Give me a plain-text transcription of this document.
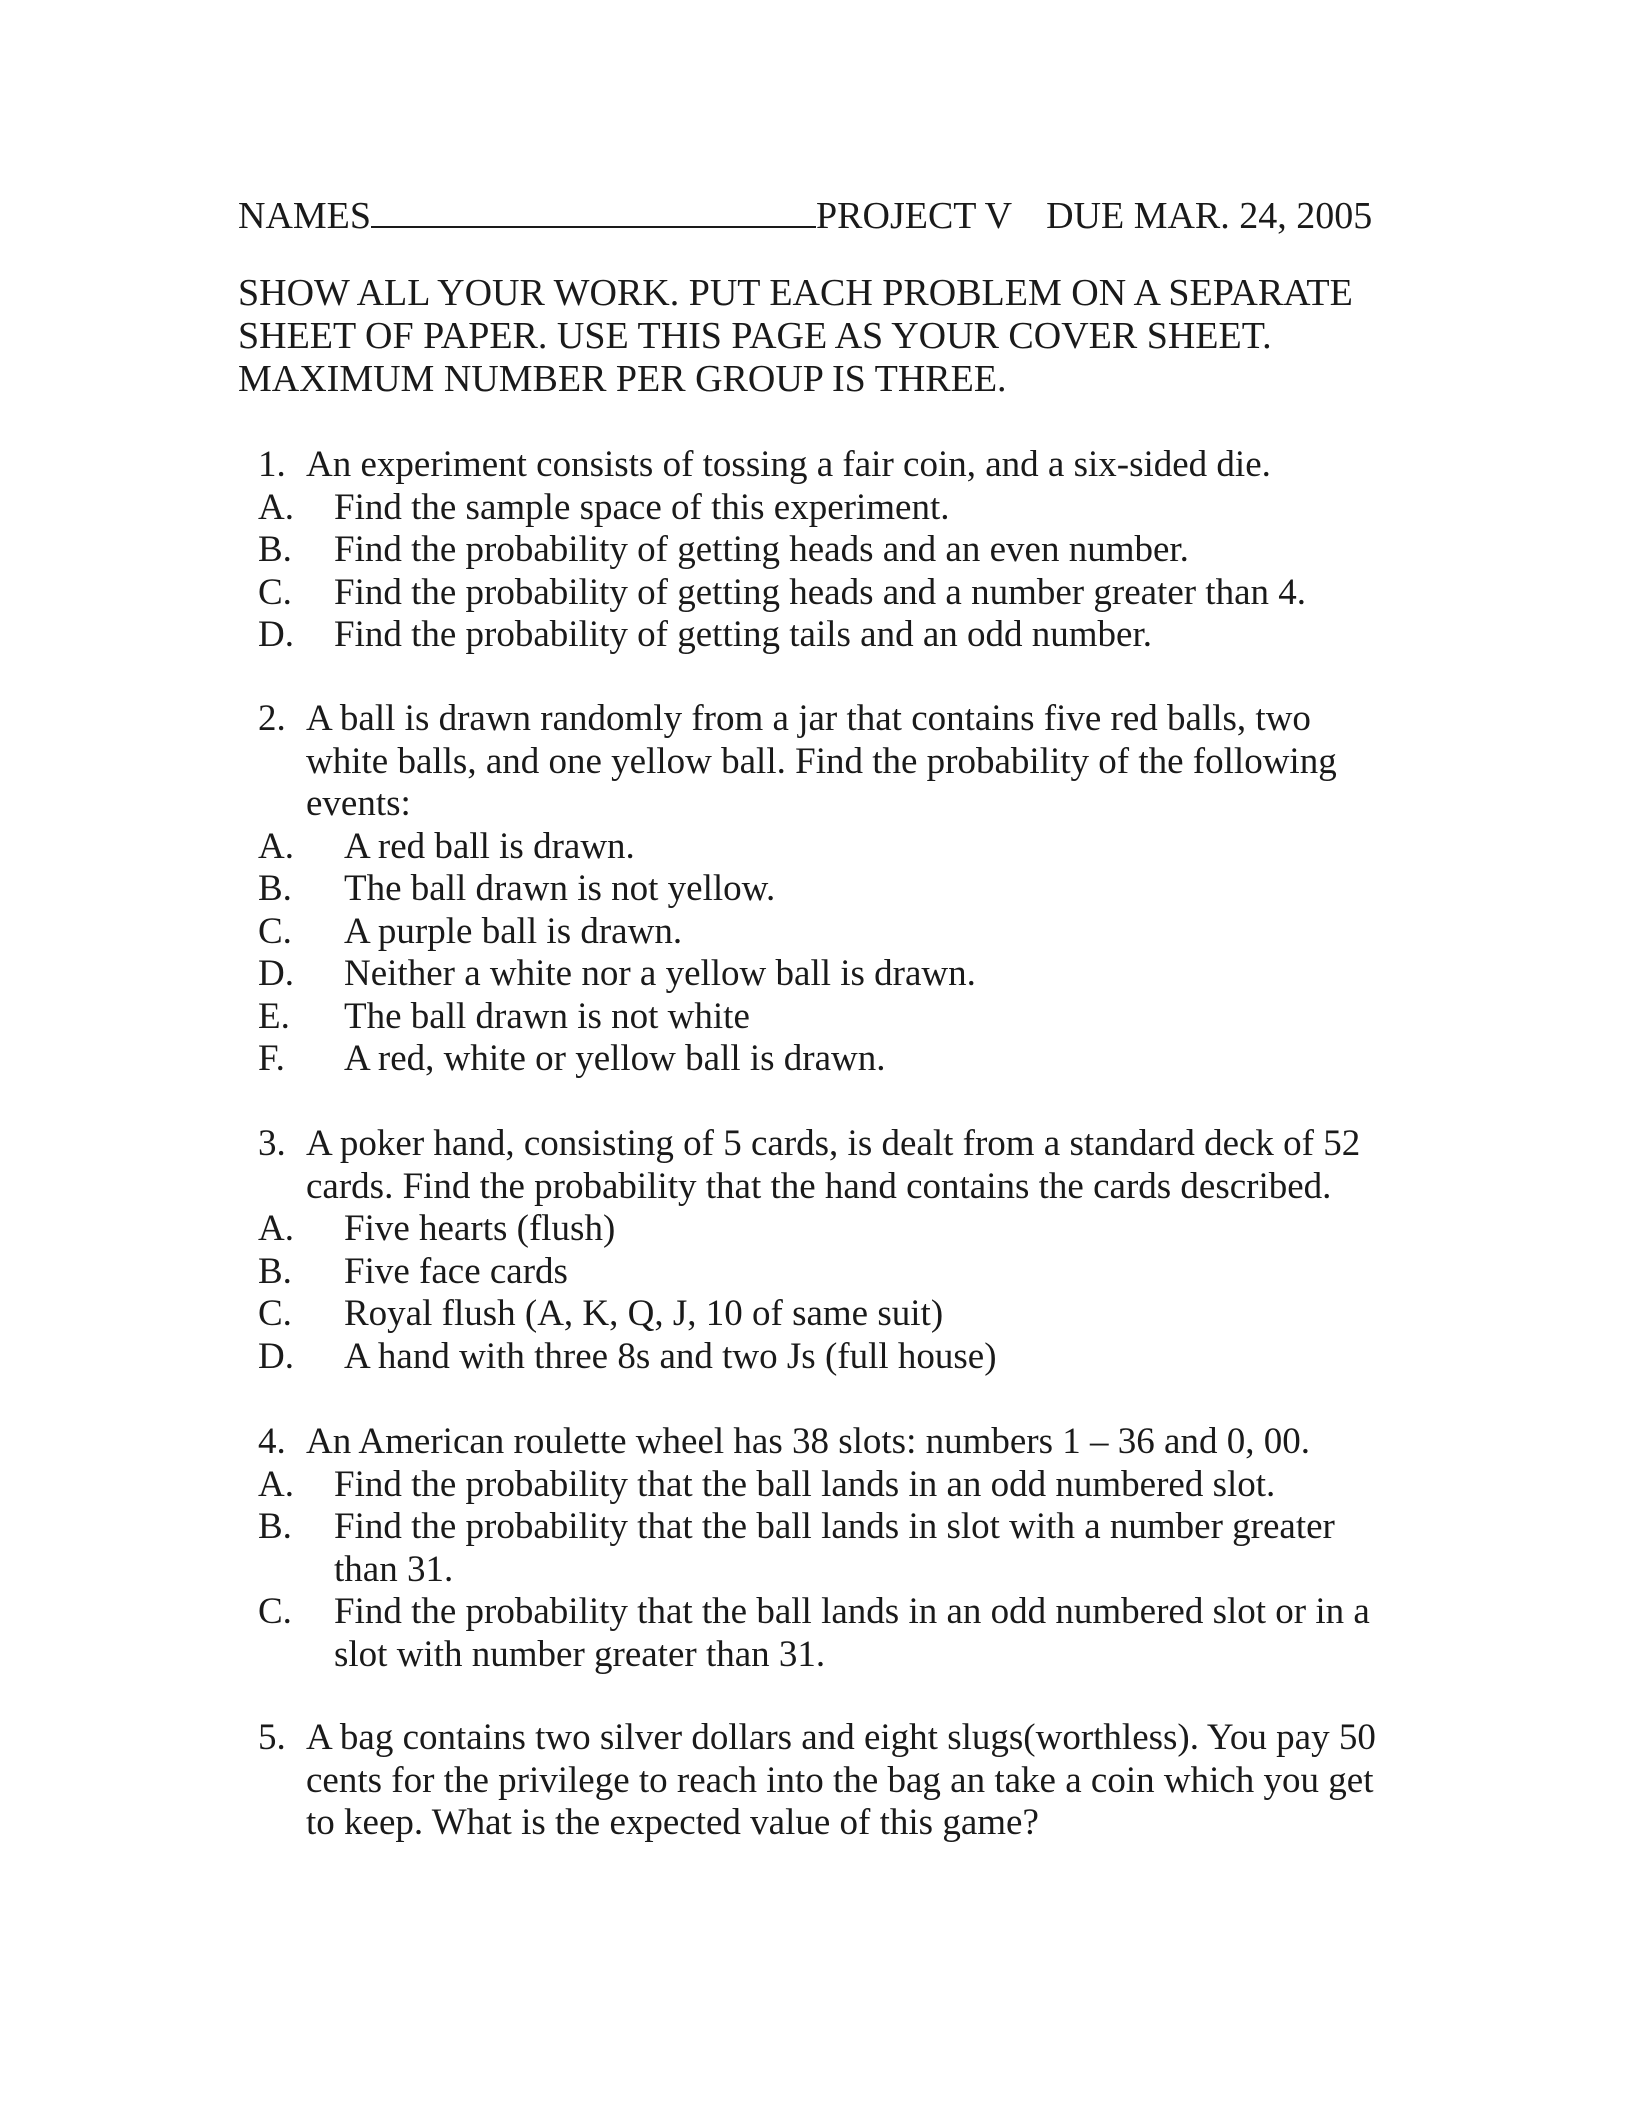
NAMES	PROJECT V DUE MAR. 24, 2005
SHOW ALL YOUR WORK. PUT EACH PROBLEM ON A SEPARATE
SHEET OF PAPER. USE THIS PAGE AS YOUR COVER SHEET.
MAXIMUM NUMBER PER GROUP IS THREE.
1. An experiment consists of tossing a fair coin, and a six-sided die.
A. Find the sample space of this experiment.
B. Find the probability of getting heads and an even number.
C. Find the probability of getting heads and a number greater than 4.
D. Find the probability of getting tails and an odd number.
2. A ball is drawn randomly from a jar that contains five red balls, two white balls, and one yellow ball. Find the probability of the following events:
A. A red ball is drawn.
B. The ball drawn is not yellow.
C. A purple ball is drawn.
D. Neither a white nor a yellow ball is drawn.
E. The ball drawn is not white
F. A red, white or yellow ball is drawn.
3. A poker hand, consisting of 5 cards, is dealt from a standard deck of 52 cards. Find the probability that the hand contains the cards described.
A. Five hearts (flush)
B. Five face cards
C. Royal flush (A, K, Q, J, 10 of same suit)
D. A hand with three 8s and two Js (full house)
4. An American roulette wheel has 38 slots: numbers 1 – 36 and 0, 00.
A. Find the probability that the ball lands in an odd numbered slot.
B. Find the probability that the ball lands in slot with a number greater than 31.
C. Find the probability that the ball lands in an odd numbered slot or in a slot with number greater than 31.
5. A bag contains two silver dollars and eight slugs(worthless). You pay 50 cents for the privilege to reach into the bag an take a coin which you get to keep. What is the expected value of this game?
